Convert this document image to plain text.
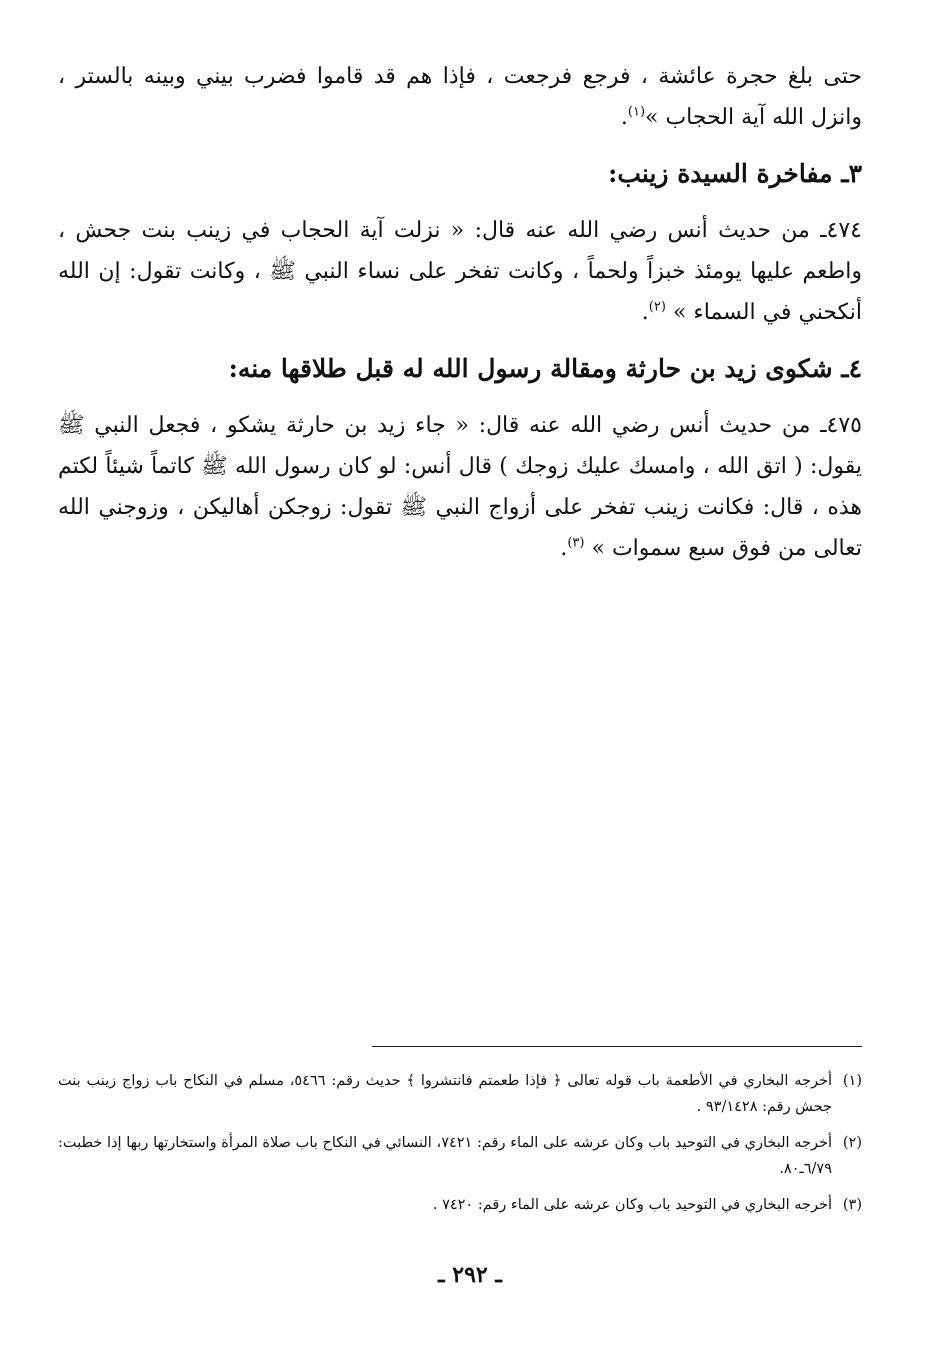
حتى بلغ حجرة عائشة ، فرجع فرجعت ، فإذا هم قد قاموا فضرب بيني وبينه بالستر ، وانزل الله آية الحجاب »$^{(١)}$.

٣ـ مفاخرة السيدة زينب:

٤٧٤ـ من حديث أنس رضي الله عنه قال: « نزلت آية الحجاب في زينب بنت جحش ، واطعم عليها يومئذ خبزاً ولحماً ، وكانت تفخر على نساء النبي ﷺ ، وكانت تقول: إن الله أنكحني في السماء » $^{(٢)}$.

٤ـ شكوى زيد بن حارثة ومقالة رسول الله له قبل طلاقها منه:

٤٧٥ـ من حديث أنس رضي الله عنه قال: « جاء زيد بن حارثة يشكو ، فجعل النبي ﷺ يقول: ( اتق الله ، وامسك عليك زوجك ) قال أنس: لو كان رسول الله ﷺ كاتماً شيئاً لكتم هذه ، قال: فكانت زينب تفخر على أزواج النبي ﷺ تقول: زوجكن أهاليكن ، وزوجني الله تعالى من فوق سبع سموات » $^{(٣)}$.

(١)
أخرجه البخاري في الأطعمة باب قوله تعالى ﴿ فإذا طعمتم فانتشروا ﴾ حديث رقم: ٥٤٦٦، مسلم في النكاح باب زواج زينب بنت جحش رقم: ٩٣/١٤٢٨ .

(٢)
أخرجه البخاري في التوحيد باب وكان عرشه على الماء رقم: ٧٤٢١، النسائي في النكاح باب صلاة المرأة واستخارتها ربها إذا خطبت: ٦/٧٩ـ٨٠.

(٣)
أخرجه البخاري في التوحيد باب وكان عرشه على الماء رقم: ٧٤٢٠ .

ـ ٢٩٢ ـ
